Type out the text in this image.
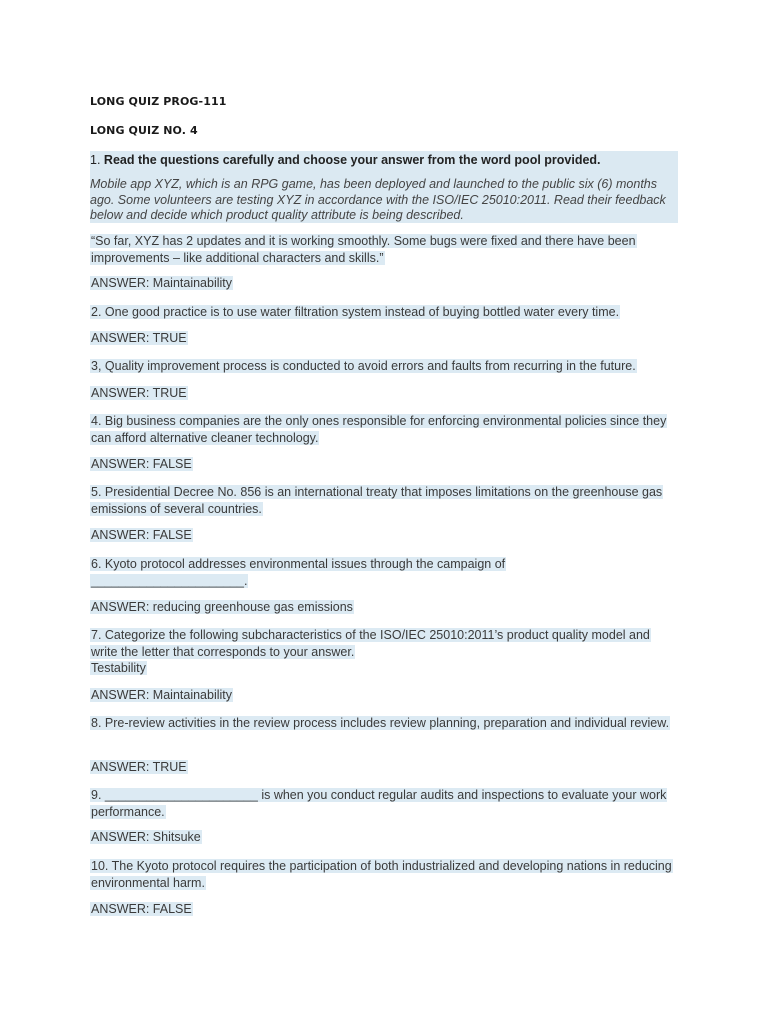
LONG QUIZ PROG-111
LONG QUIZ NO. 4
1. Read the questions carefully and choose your answer from the word pool provided.
Mobile app XYZ, which is an RPG game, has been deployed and launched to the public six (6) months ago. Some volunteers are testing XYZ in accordance with the ISO/IEC 25010:2011. Read their feedback below and decide which product quality attribute is being described.
“So far, XYZ has 2 updates and it is working smoothly. Some bugs were fixed and there have been improvements – like additional characters and skills.”
ANSWER: Maintainability
2. One good practice is to use water filtration system instead of buying bottled water every time.
ANSWER: TRUE
3, Quality improvement process is conducted to avoid errors and faults from recurring in the future.
ANSWER: TRUE
4. Big business companies are the only ones responsible for enforcing environmental policies since they can afford alternative cleaner technology.
ANSWER: FALSE
5. Presidential Decree No. 856 is an international treaty that imposes limitations on the greenhouse gas emissions of several countries.
ANSWER: FALSE
6. Kyoto protocol addresses environmental issues through the campaign of ______________________.
ANSWER: reducing greenhouse gas emissions
7. Categorize the following subcharacteristics of the ISO/IEC 25010:2011’s product quality model and write the letter that corresponds to your answer.
Testability
ANSWER: Maintainability
8. Pre-review activities in the review process includes review planning, preparation and individual review.
ANSWER: TRUE
9. ______________________ is when you conduct regular audits and inspections to evaluate your work performance.
ANSWER: Shitsuke
10. The Kyoto protocol requires the participation of both industrialized and developing nations in reducing environmental harm.
ANSWER: FALSE
